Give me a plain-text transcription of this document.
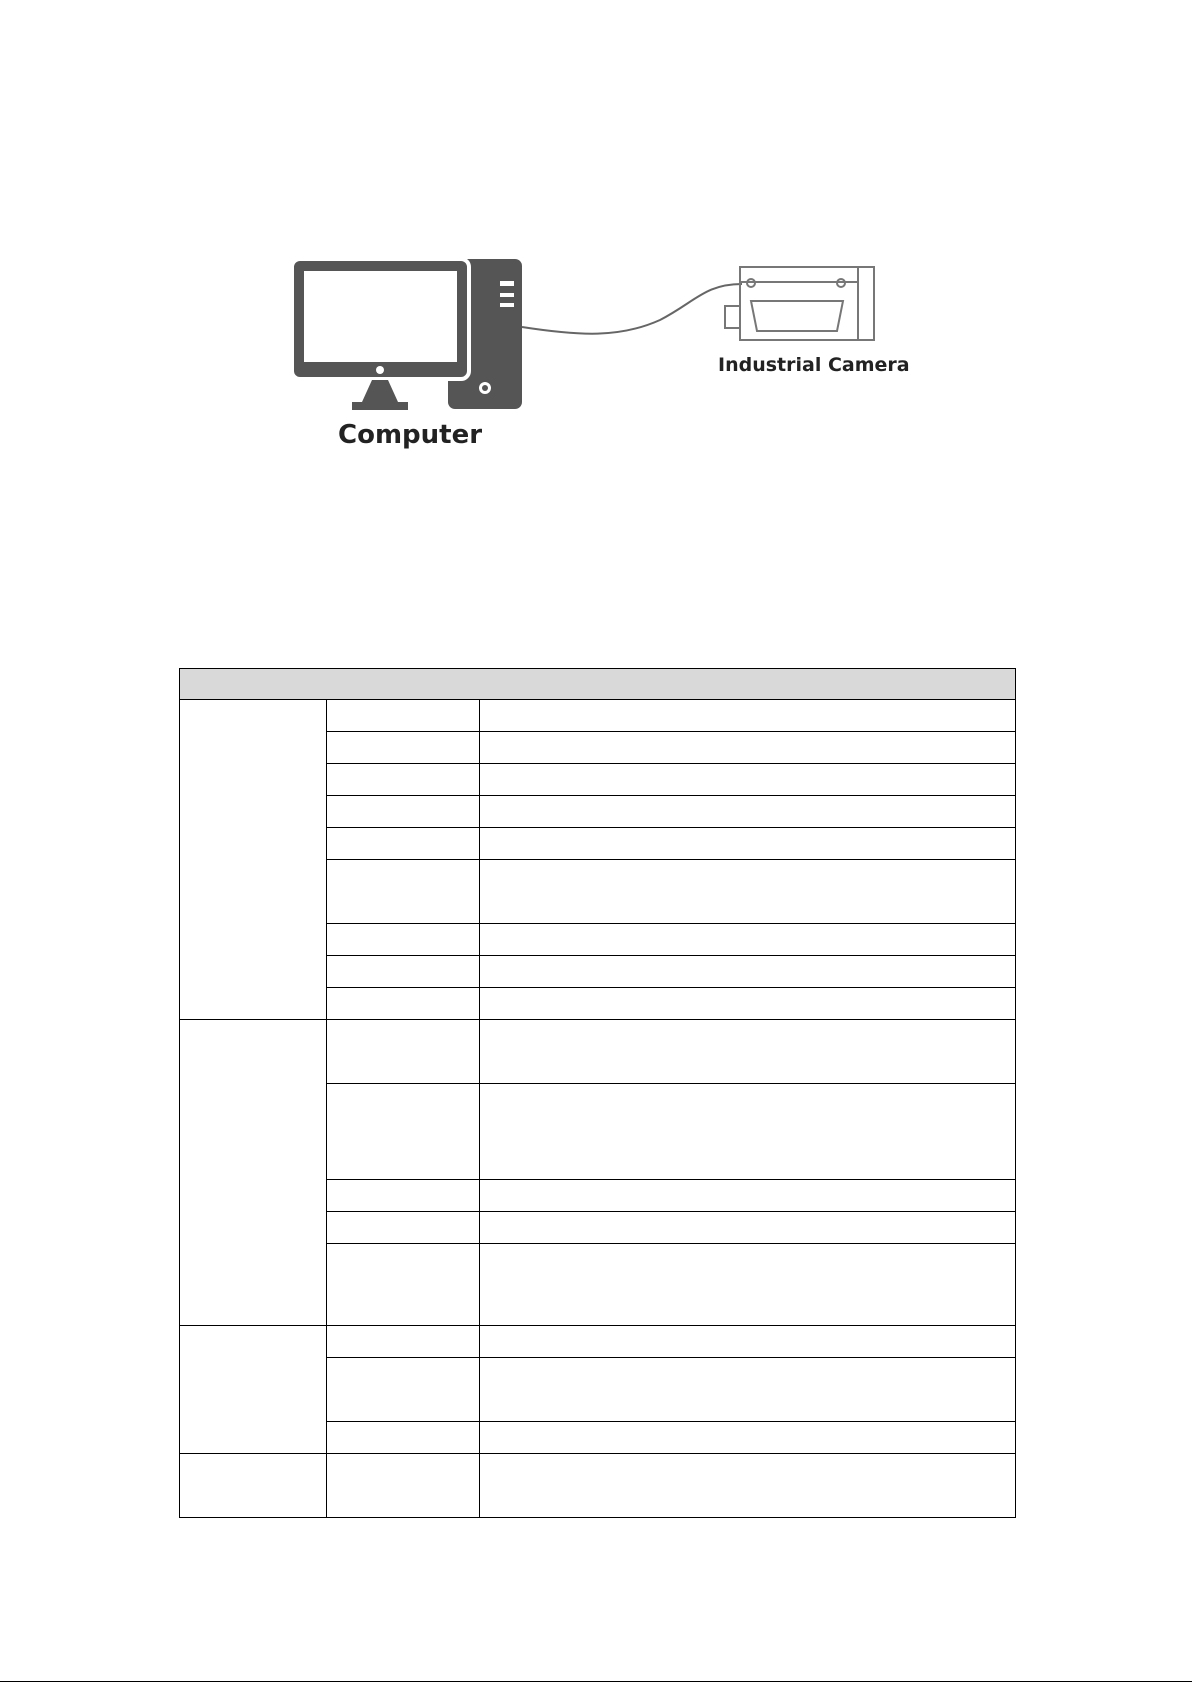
Computer
Industrial Camera
